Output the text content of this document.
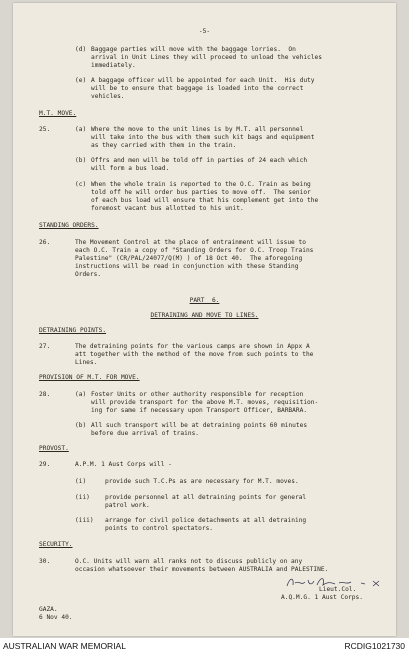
-5-
(d) Baggage parties will move with the baggage lorries.  On
arrival in Unit Lines they will proceed to unload the vehicles
immediately.
(e) A baggage officer will be appointed for each Unit.  His duty
will be to ensure that baggage is loaded into the correct
vehicles.
M.T. MOVE.
25.	(a) Where the move to the unit lines is by M.T. all personnel
will take into the bus with them such kit bags and equipment
as they carried with them in the train.
(b) Offrs and men will be told off in parties of 24 each which
will form a bus load.
(c) When the whole train is reported to the O.C. Train as being
told off he will order bus parties to move off.  The senior
of each bus load will ensure that his complement get into the
foremost vacant bus allotted to his unit.
STANDING ORDERS.
26.	The Movement Control at the place of entrainment will issue to
each O.C. Train a copy of "Standing Orders for O.C. Troop Trains
Palestine" (CR/PAL/24077/Q(M) ) of 18 Oct 40.  The aforegoing
instructions will be read in conjunction with these Standing
Orders.
PART  6.
DETRAINING AND MOVE TO LINES.
DETRAINING POINTS.
27.	The detraining points for the various camps are shown in Appx A
att together with the method of the move from such points to the
Lines.
PROVISION OF M.T. FOR MOVE.
28.	(a) Foster Units or other authority responsible for reception
will provide transport for the above M.T. moves, requisition-
ing for same if necessary upon Transport Officer, BARBARA.
(b) All such transport will be at detraining points 60 minutes
before due arrival of trains.
PROVOST.
29.	A.P.M. 1 Aust Corps will -
(i)	provide such T.C.Ps as are necessary for M.T. moves.
(ii) provide personnel at all detraining points for general
patrol work.
(iii) arrange for civil police detachments at all detraining
points to control spectators.
SECURITY.
30.	O.C. Units will warn all ranks not to discuss publicly on any
occasion whatsoever their movements between AUSTRALIA and PALESTINE.
Lieut.Col.
A.Q.M.G. 1 Aust Corps.
GAZA.
6 Nov 40.
AUSTRALIAN WAR MEMORIAL	RCDIG1021730
